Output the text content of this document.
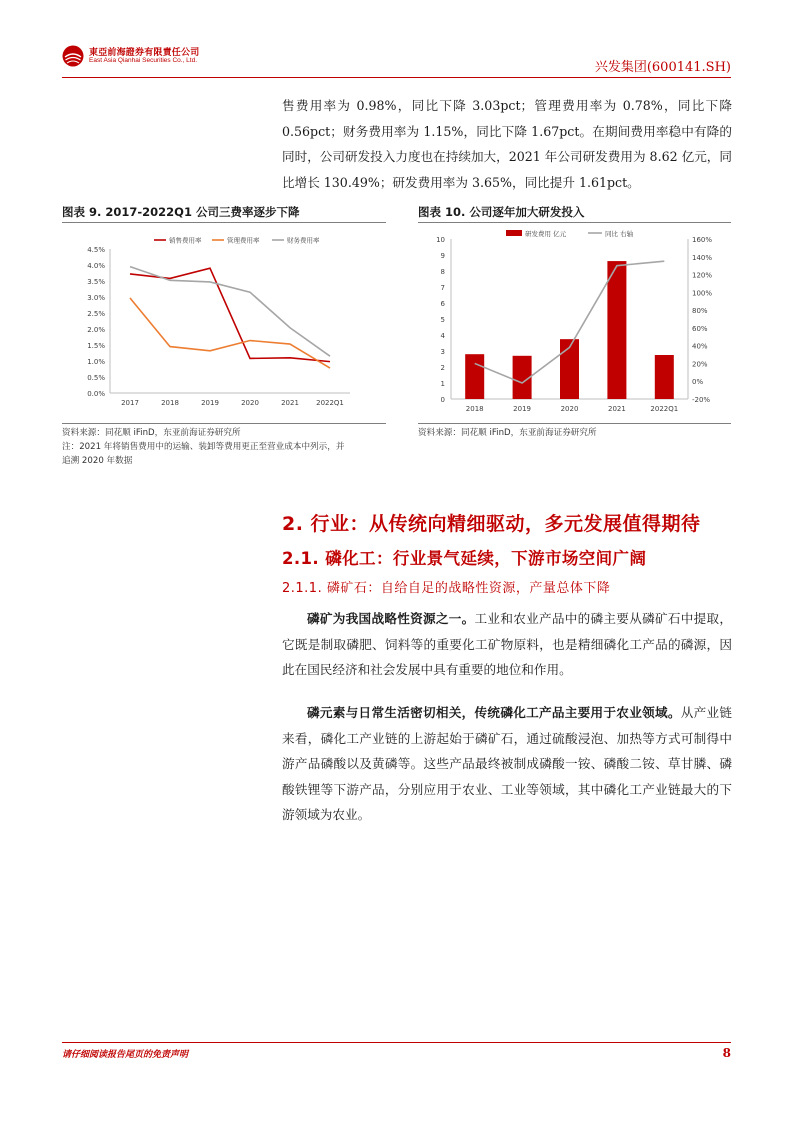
東亞前海證券有限責任公司
East Asia Qianhai Securities Co., Ltd.	兴发集团(600141.SH)
售费用率为 0.98%，同比下降 3.03pct；管理费用率为 0.78%，同比下降 0.56pct；财务费用率为 1.15%，同比下降 1.67pct。在期间费用率稳中有降的同时，公司研发投入力度也在持续加大，2021 年公司研发费用为 8.62 亿元，同比增长 130.49%；研发费用率为 3.65%，同比提升 1.61pct。
图表 9. 2017-2022Q1 公司三费率逐步下降
0.0%
0.5%
1.0%
1.5%
2.0%
2.5%
3.0%
3.5%
4.0%
4.5%
2017	2018	2019	2020	2021 2022Q1
销售费用率	管理费用率	财务费用率
资料来源：同花顺 iFinD，东亚前海证券研究所
注：2021 年将销售费用中的运输、装卸等费用更正至营业成本中列示，并
追溯 2020 年数据
图表 10. 公司逐年加大研发投入
0
1
2
3
4
5
6
7
8
9
10
-20%
0%
20%
40%
60%
80%
100%
120%
140%
160%
2018	2019	2020	2021	2022Q1
研发费用 亿元	同比 右轴
资料来源：同花顺 iFinD，东亚前海证券研究所
2. 行业：从传统向精细驱动，多元发展值得期待
2.1. 磷化工：行业景气延续，下游市场空间广阔
2.1.1. 磷矿石：自给自足的战略性资源，产量总体下降
磷矿为我国战略性资源之一。工业和农业产品中的磷主要从磷矿石中提取，它既是制取磷肥、饲料等的重要化工矿物原料，也是精细磷化工产品的磷源，因此在国民经济和社会发展中具有重要的地位和作用。
磷元素与日常生活密切相关，传统磷化工产品主要用于农业领域。从产业链来看，磷化工产业链的上游起始于磷矿石，通过硫酸浸泡、加热等方式可制得中游产品磷酸以及黄磷等。这些产品最终被制成磷酸一铵、磷酸二铵、草甘膦、磷酸铁锂等下游产品，分别应用于农业、工业等领域，其中磷化工产业链最大的下游领域为农业。
请仔细阅读报告尾页的免责声明	8
